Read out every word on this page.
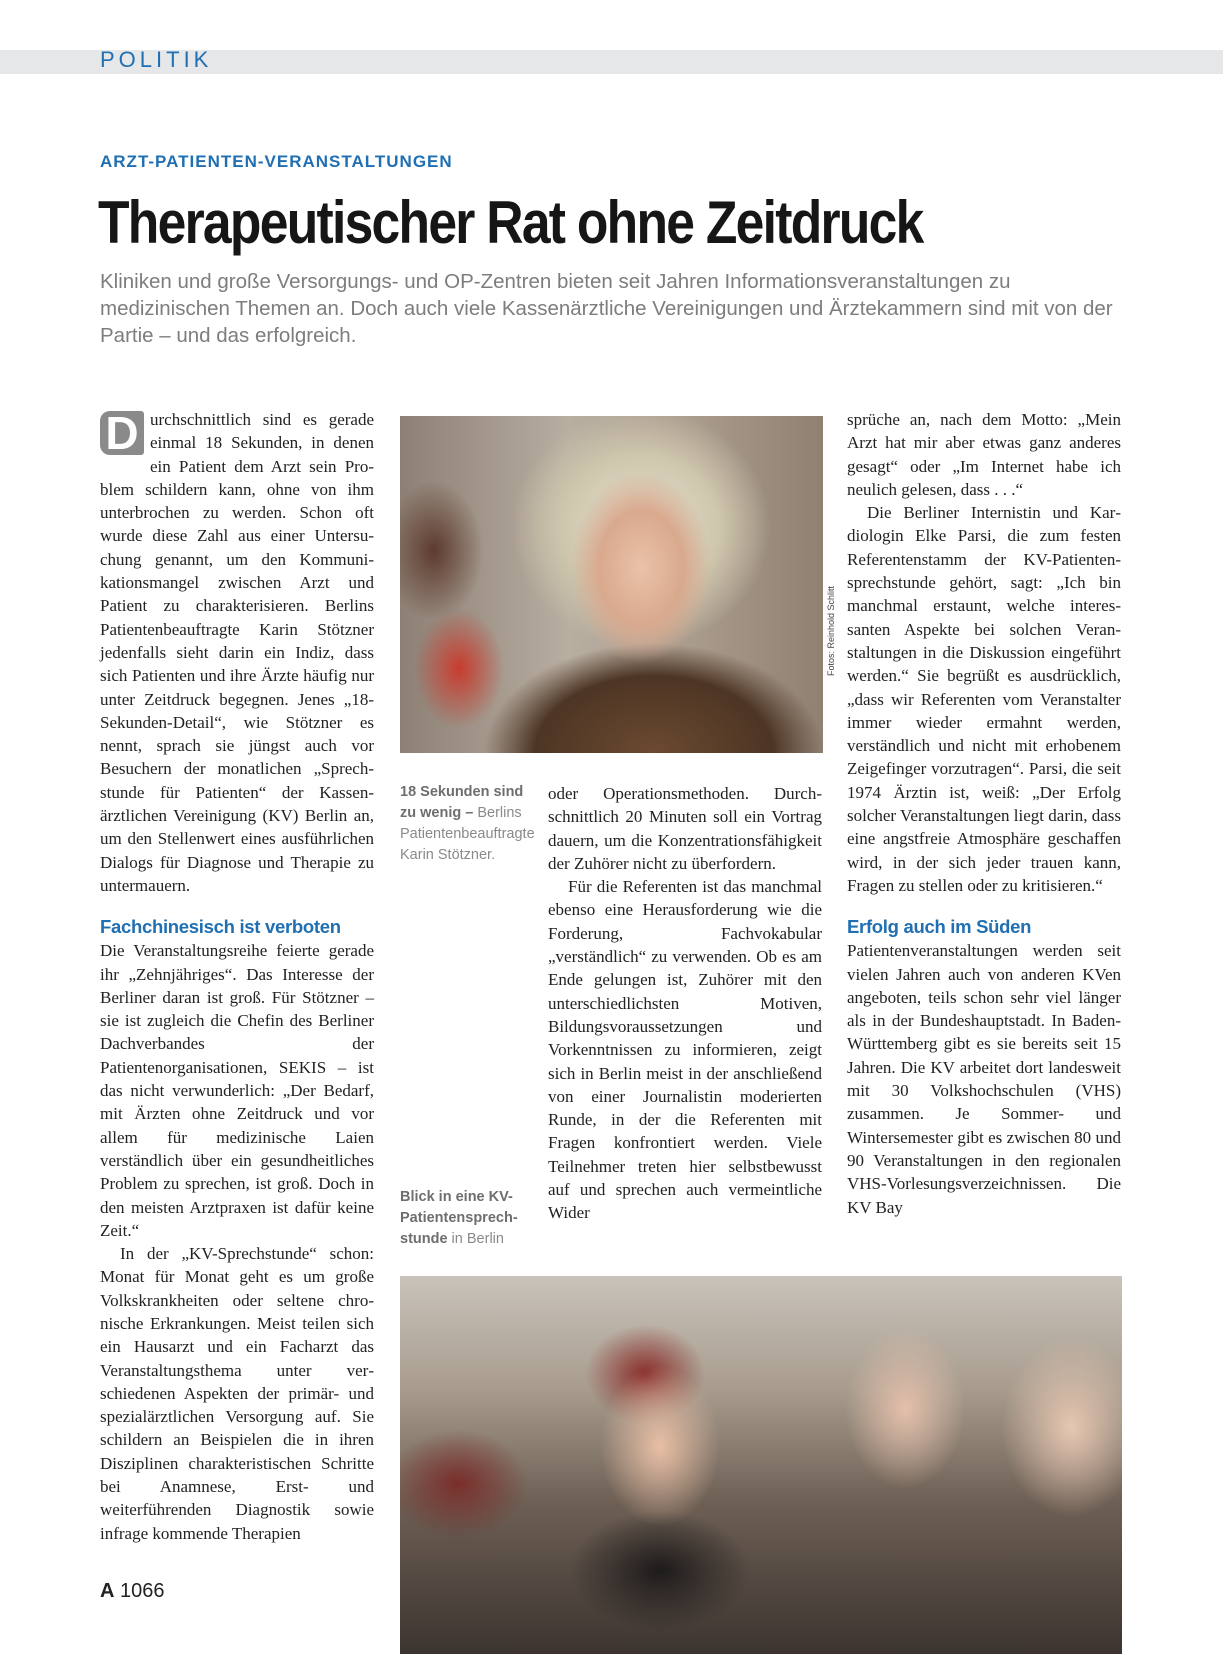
POLITIK
ARZT-PATIENTEN-VERANSTALTUNGEN
Therapeutischer Rat ohne Zeitdruck
Kliniken und große Versorgungs- und OP-Zentren bieten seit Jahren Informationsveranstaltungen zu medizinischen Themen an. Doch auch viele Kassenärztliche Vereinigungen und Ärztekammern sind mit von der Partie – und das erfolgreich.

D urchschnittlich sind es gerade einmal 18 Sekunden, in denen ein Patient dem Arzt sein Problem schildern kann, ohne von ihm unterbrochen zu werden. Schon oft wurde diese Zahl aus einer Untersuchung genannt, um den Kommunikationsmangel zwischen Arzt und Patient zu charakterisieren. Berlins Patientenbeauftragte Karin Stötzner jedenfalls sieht darin ein Indiz, dass sich Patienten und ihre Ärzte häufig nur unter Zeitdruck begegnen. Jenes „18-Sekunden-Detail“, wie Stötzner es nennt, sprach sie jüngst auch vor Besuchern der monatlichen „Sprechstunde für Patienten“ der Kassenärztlichen Vereinigung (KV) Berlin an, um den Stellenwert eines ausführlichen Dialogs für Diagnose und Therapie zu untermauern.

Fachchinesisch ist verboten

Die Veranstaltungsreihe feierte gerade ihr „Zehnjähriges“. Das Interesse der Berliner daran ist groß. Für Stötzner – sie ist zugleich die Chefin des Berliner Dachverbandes der Patientenorganisationen, SEKIS – ist das nicht verwunderlich: „Der Bedarf, mit Ärzten ohne Zeitdruck und vor allem für medizinische Laien verständlich über ein gesundheitliches Problem zu sprechen, ist groß. Doch in den meisten Arztpraxen ist dafür keine Zeit.“

In der „KV-Sprechstunde“ schon: Monat für Monat geht es um große Volkskrankheiten oder seltene chronische Erkrankungen. Meist teilen sich ein Hausarzt und ein Facharzt das Veranstaltungsthema unter verschiedenen Aspekten der primär- und spezialärztlichen Versorgung auf. Sie schildern an Beispielen die in ihren Disziplinen charakteristischen Schritte bei Anamnese, Erst- und weiterführenden Diagnostik sowie infrage kommende Therapien

Fotos: Reinhold Schlitt
18 Sekunden sind zu wenig – Berlins Patientenbeauftragte Karin Stötzner.

oder Operationsmethoden. Durchschnittlich 20 Minuten soll ein Vortrag dauern, um die Konzentrationsfähigkeit der Zuhörer nicht zu überfordern.

Für die Referenten ist das manchmal ebenso eine Herausforderung wie die Forderung, Fachvokabular „verständlich“ zu verwenden. Ob es am Ende gelungen ist, Zuhörer mit den unterschiedlichsten Motiven, Bildungsvoraussetzungen und Vorkenntnissen zu informieren, zeigt sich in Berlin meist in der anschließend von einer Journalistin moderierten Runde, in der die Referenten mit Fragen konfrontiert werden. Viele Teilnehmer treten hier selbstbewusst auf und sprechen auch vermeintliche Wider

Blick in eine KV-Patientensprechstunde in Berlin

sprüche an, nach dem Motto: „Mein Arzt hat mir aber etwas ganz anderes gesagt“ oder „Im Internet habe ich neulich gelesen, dass . . .“

Die Berliner Internistin und Kardiologin Elke Parsi, die zum festen Referentenstamm der KV-Patientensprechstunde gehört, sagt: „Ich bin manchmal erstaunt, welche interessanten Aspekte bei solchen Veranstaltungen in die Diskussion eingeführt werden.“ Sie begrüßt es ausdrücklich, „dass wir Referenten vom Veranstalter immer wieder ermahnt werden, verständlich und nicht mit erhobenem Zeigefinger vorzutragen“. Parsi, die seit 1974 Ärztin ist, weiß: „Der Erfolg solcher Veranstaltungen liegt darin, dass eine angstfreie Atmosphäre geschaffen wird, in der sich jeder trauen kann, Fragen zu stellen oder zu kritisieren.“

Erfolg auch im Süden

Patientenveranstaltungen werden seit vielen Jahren auch von anderen KVen angeboten, teils schon sehr viel länger als in der Bundeshauptstadt. In Baden-Württemberg gibt es sie bereits seit 15 Jahren. Die KV arbeitet dort landesweit mit 30 Volkshochschulen (VHS) zusammen. Je Sommer- und Wintersemester gibt es zwischen 80 und 90 Veranstaltungen in den regionalen VHS-Vorlesungsverzeichnissen. Die KV Bay

A 1066
